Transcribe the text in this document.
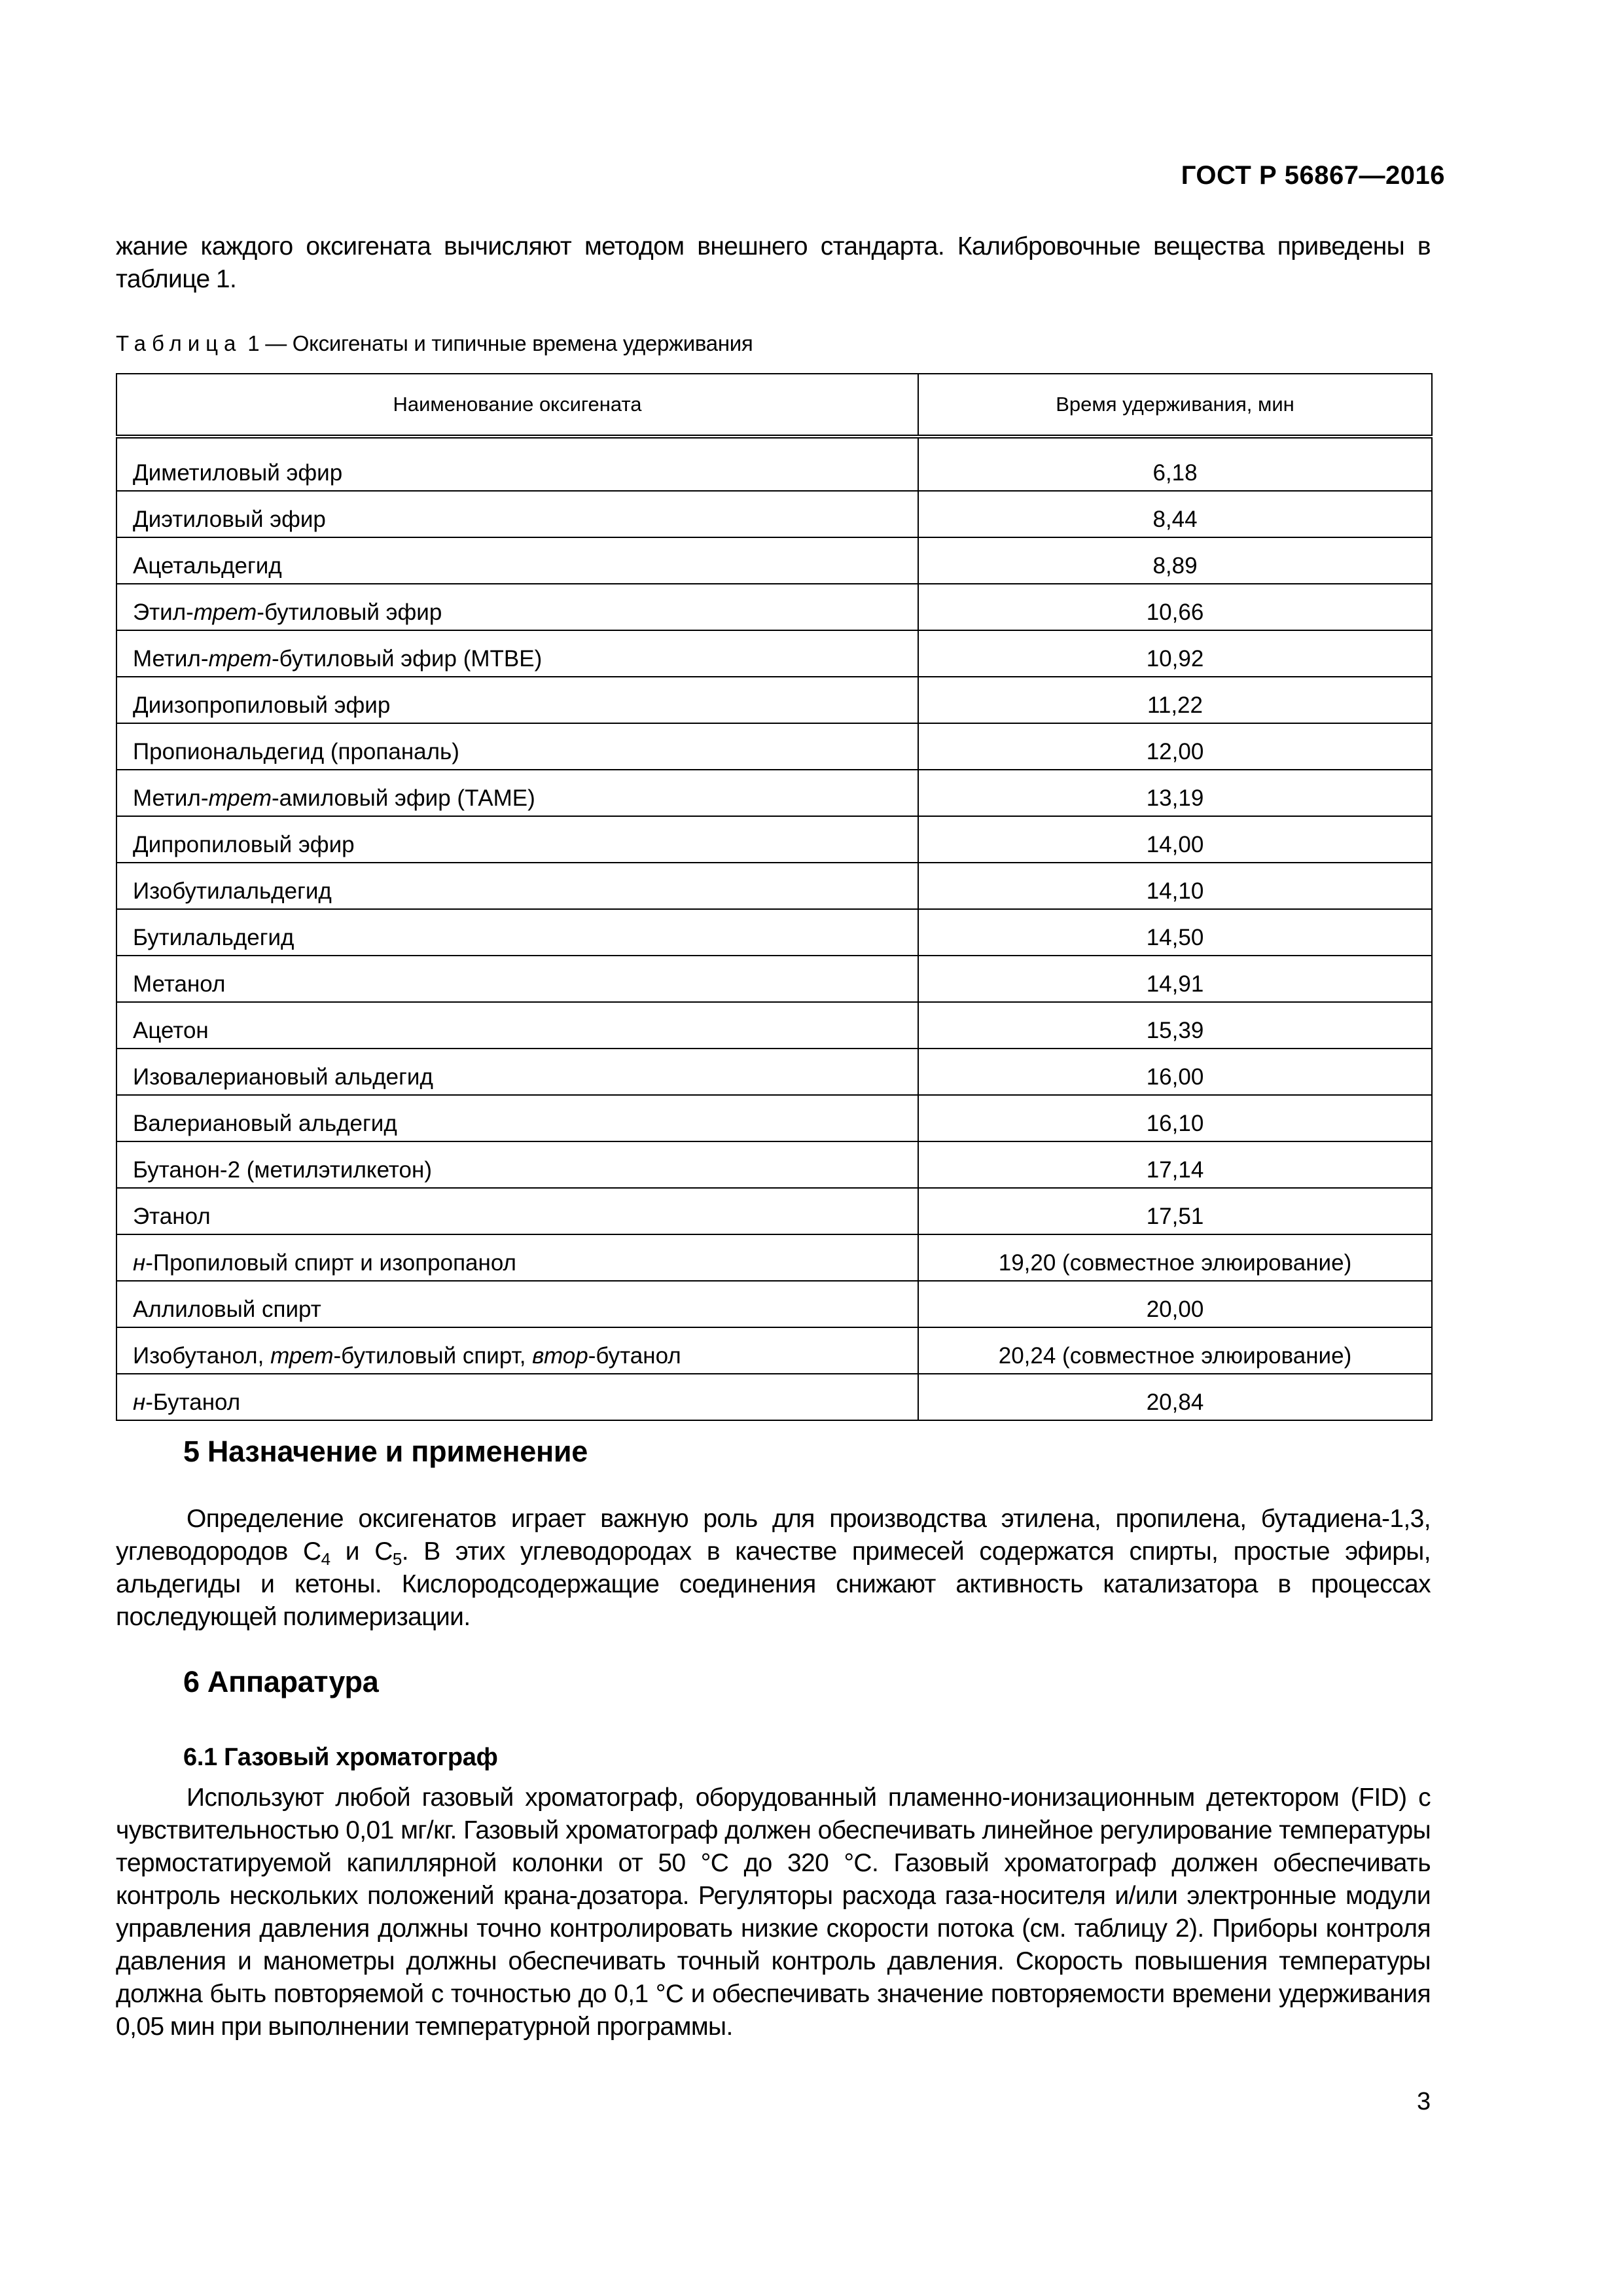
ГОСТ Р 56867—2016
жание каждого оксигената вычисляют методом внешнего стандарта. Калибровочные вещества приведены в таблице 1.
Таблица 1 — Оксигенаты и типичные времена удерживания
Наименование оксигената	Время удерживания, мин
Диметиловый эфир	6,18
Диэтиловый эфир	8,44
Ацетальдегид	8,89
Этил-трет-бутиловый эфир	10,66
Метил-трет-бутиловый эфир (МТВЕ)	10,92
Диизопропиловый эфир	11,22
Пропиональдегид (пропаналь)	12,00
Метил-трет-амиловый эфир (ТАМЕ)	13,19
Дипропиловый эфир	14,00
Изобутилальдегид	14,10
Бутилальдегид	14,50
Метанол	14,91
Ацетон	15,39
Изовалериановый альдегид	16,00
Валериановый альдегид	16,10
Бутанон-2 (метилэтилкетон)	17,14
Этанол	17,51
н-Пропиловый спирт и изопропанол	19,20 (совместное элюирование)
Аллиловый спирт	20,00
Изобутанол, трет-бутиловый спирт, втор-бутанол	20,24 (совместное элюирование)
н-Бутанол	20,84
5 Назначение и применение
Определение оксигенатов играет важную роль для производства этилена, пропилена, бутадиена-1,3, углеводородов $C_4$ и $C_5$. В этих углеводородах в качестве примесей содержатся спирты, простые эфиры, альдегиды и кетоны. Кислородсодержащие соединения снижают активность катализатора в процессах последующей полимеризации.
6 Аппаратура
6.1 Газовый хроматограф
Используют любой газовый хроматограф, оборудованный пламенно-ионизационным детектором (FID) с чувствительностью 0,01 мг/кг. Газовый хроматограф должен обеспечивать линейное регулирование температуры термостатируемой капиллярной колонки от 50 °С до 320 °С. Газовый хроматограф должен обеспечивать контроль нескольких положений крана-дозатора. Регуляторы расхода газа-носителя и/или электронные модули управления давления должны точно контролировать низкие скорости потока (см. таблицу 2). Приборы контроля давления и манометры должны обеспечивать точный контроль давления. Скорость повышения температуры должна быть повторяемой с точностью до 0,1 °С и обеспечивать значение повторяемости времени удерживания 0,05 мин при выполнении температурной программы.
3
